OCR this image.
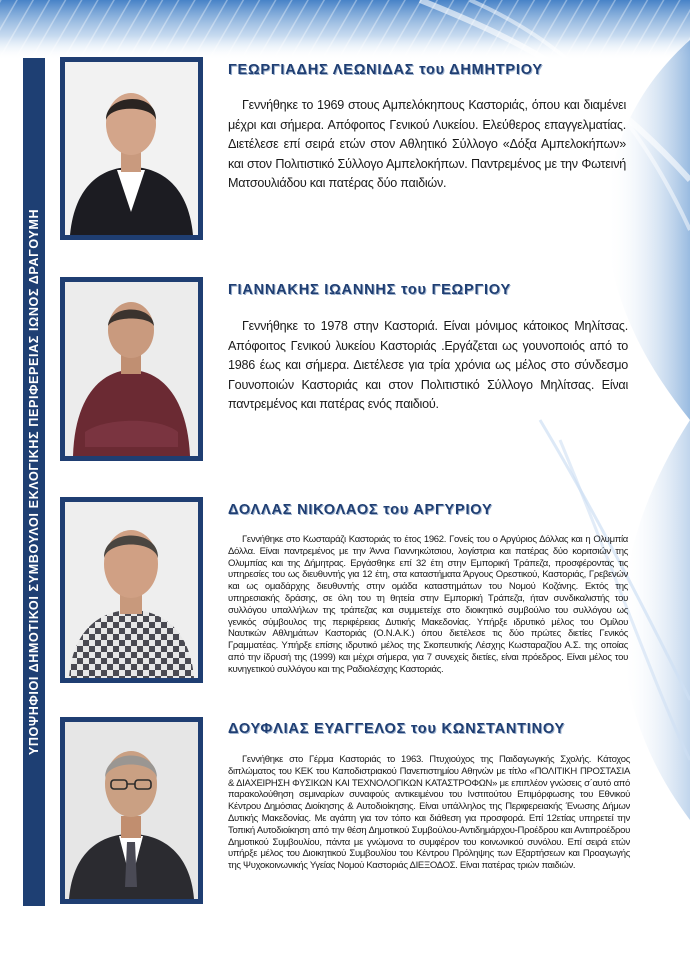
ΥΠΟΨΗΦΙΟΙ ΔΗΜΟΤΙΚΟΙ ΣΥΜΒΟΥΛΟΙ ΕΚΛΟΓΙΚΗΣ ΠΕΡΙΦΕΡΕΙΑΣ ΙΩΝΟΣ ΔΡΑΓΟΥΜΗ
ΓΕΩΡΓΙΑΔΗΣ ΛΕΩΝΙΔΑΣ του ΔΗΜΗΤΡΙΟΥ
Γεννήθηκε το 1969 στους Αμπελόκηπους Καστοριάς, όπου και διαμένει μέχρι και σήμερα. Απόφοιτος Γενικού Λυκείου. Ελεύθερος επαγγελματίας. Διετέλεσε επί σειρά ετών στον Αθλητικό Σύλλογο «Δόξα Αμπελοκήπων» και στον Πολιτιστικό Σύλλογο Αμπελοκήπων. Παντρεμένος με την Φωτεινή Ματσουλιάδου και πατέρας δύο παιδιών.
ΓΙΑΝΝΑΚΗΣ ΙΩΑΝΝΗΣ του ΓΕΩΡΓΙΟΥ
Γεννήθηκε το 1978 στην Καστοριά. Είναι μόνιμος κάτοικος Μηλίτσας. Απόφοιτος Γενικού λυκείου Καστοριάς .Εργάζεται ως γουνοποιός από το 1986 έως και σήμερα. Διετέλεσε για τρία χρόνια ως μέλος στο σύνδεσμο Γουνοποιών Καστοριάς και στον Πολιτιστικό Σύλλογο Μηλίτσας. Είναι παντρεμένος και πατέρας ενός παιδιού.
ΔΟΛΛΑΣ ΝΙΚΟΛΑΟΣ του ΑΡΓΥΡΙΟΥ
Γεννήθηκε στο Κωσταράζι Καστοριάς το έτος 1962. Γονείς του ο Αργύριος Δόλλας και η Ολυμπία Δόλλα. Είναι παντρεμένος με την Άννα Γιαννηκώτσιου, λογίστρια και πατέρας δύο κοριτσιών της Ολυμπίας και της Δήμητρας. Εργάσθηκε επί 32 έτη στην Εμπορική Τράπεζα, προσφέροντας τις υπηρεσίες του ως διευθυντής για 12 έτη, στα καταστήματα Άργους Ορεστικού, Καστοριάς, Γρεβενών και ως ομαδάρχης διευθυντής στην ομάδα καταστημάτων του Νομού Κοζάνης. Εκτός της υπηρεσιακής δράσης, σε όλη του τη θητεία στην Εμπορική Τράπεζα, ήταν συνδικαλιστής του συλλόγου υπαλλήλων της τράπεζας και συμμετείχε στο διοικητικό συμβούλιο του συλλόγου ως γενικός σύμβουλος της περιφέρειας Δυτικής Μακεδονίας. Υπήρξε ιδρυτικό μέλος του Ομίλου Ναυτικών Αθλημάτων Καστοριάς (Ο.Ν.Α.Κ.) όπου διετέλεσε τις δύο πρώτες διετίες Γενικός Γραμματέας. Υπήρξε επίσης ιδρυτικό μέλος της Σκοπευτικής Λέσχης Κωσταραζίου Α.Σ. της οποίας από την ίδρυσή της (1999) και μέχρι σήμερα, για 7 συνεχείς διετίες, είναι πρόεδρος. Είναι μέλος του κυνηγετικού συλλόγου και της Ραδιολέσχης Καστοριάς.
ΔΟΥΦΛΙΑΣ ΕΥΑΓΓΕΛΟΣ του ΚΩΝΣΤΑΝΤΙΝΟΥ
Γεννήθηκε στο Γέρμα Καστοριάς το 1963. Πτυχιούχος της Παιδαγωγικής Σχολής. Κάτοχος διπλώματος του ΚΕΚ του Καποδιστριακού Πανεπιστημίου Αθηνών με τίτλο «ΠΟΛΙΤΙΚΗ ΠΡΟΣΤΑΣΙΑ & ΔΙΑΧΕΙΡΗΣΗ ΦΥΣΙΚΩΝ ΚΑΙ ΤΕΧΝΟΛΟΓΙΚΩΝ ΚΑΤΑΣΤΡΟΦΩΝ» με επιπλέον γνώσεις σ΄αυτό από παρακολούθηση σεμιναρίων συναφούς αντικειμένου του Ινστιτούτου Επιμόρφωσης του Εθνικού Κέντρου Δημόσιας Διοίκησης & Αυτοδιοίκησης. Είναι υπάλληλος της Περιφερειακής Ένωσης Δήμων Δυτικής Μακεδονίας. Με αγάπη για τον τόπο και διάθεση για προσφορά. Επί 12ετίας υπηρετεί την Τοπική Αυτοδιοίκηση από την θέση Δημοτικού Συμβούλου-Αντιδημάρχου-Προέδρου και Αντιπροέδρου Δημοτικού Συμβουλίου, πάντα με γνώμονα το συμφέρον του κοινωνικού συνόλου. Επί σειρά ετών υπήρξε μέλος του Διοικητικού Συμβουλίου του Κέντρου Πρόληψης των Εξαρτήσεων και Προαγωγής της Ψυχοκοινωνικής Υγείας Νομού Καστοριάς ΔΙΕΞΟΔΟΣ. Είναι πατέρας τριών παιδιών.
